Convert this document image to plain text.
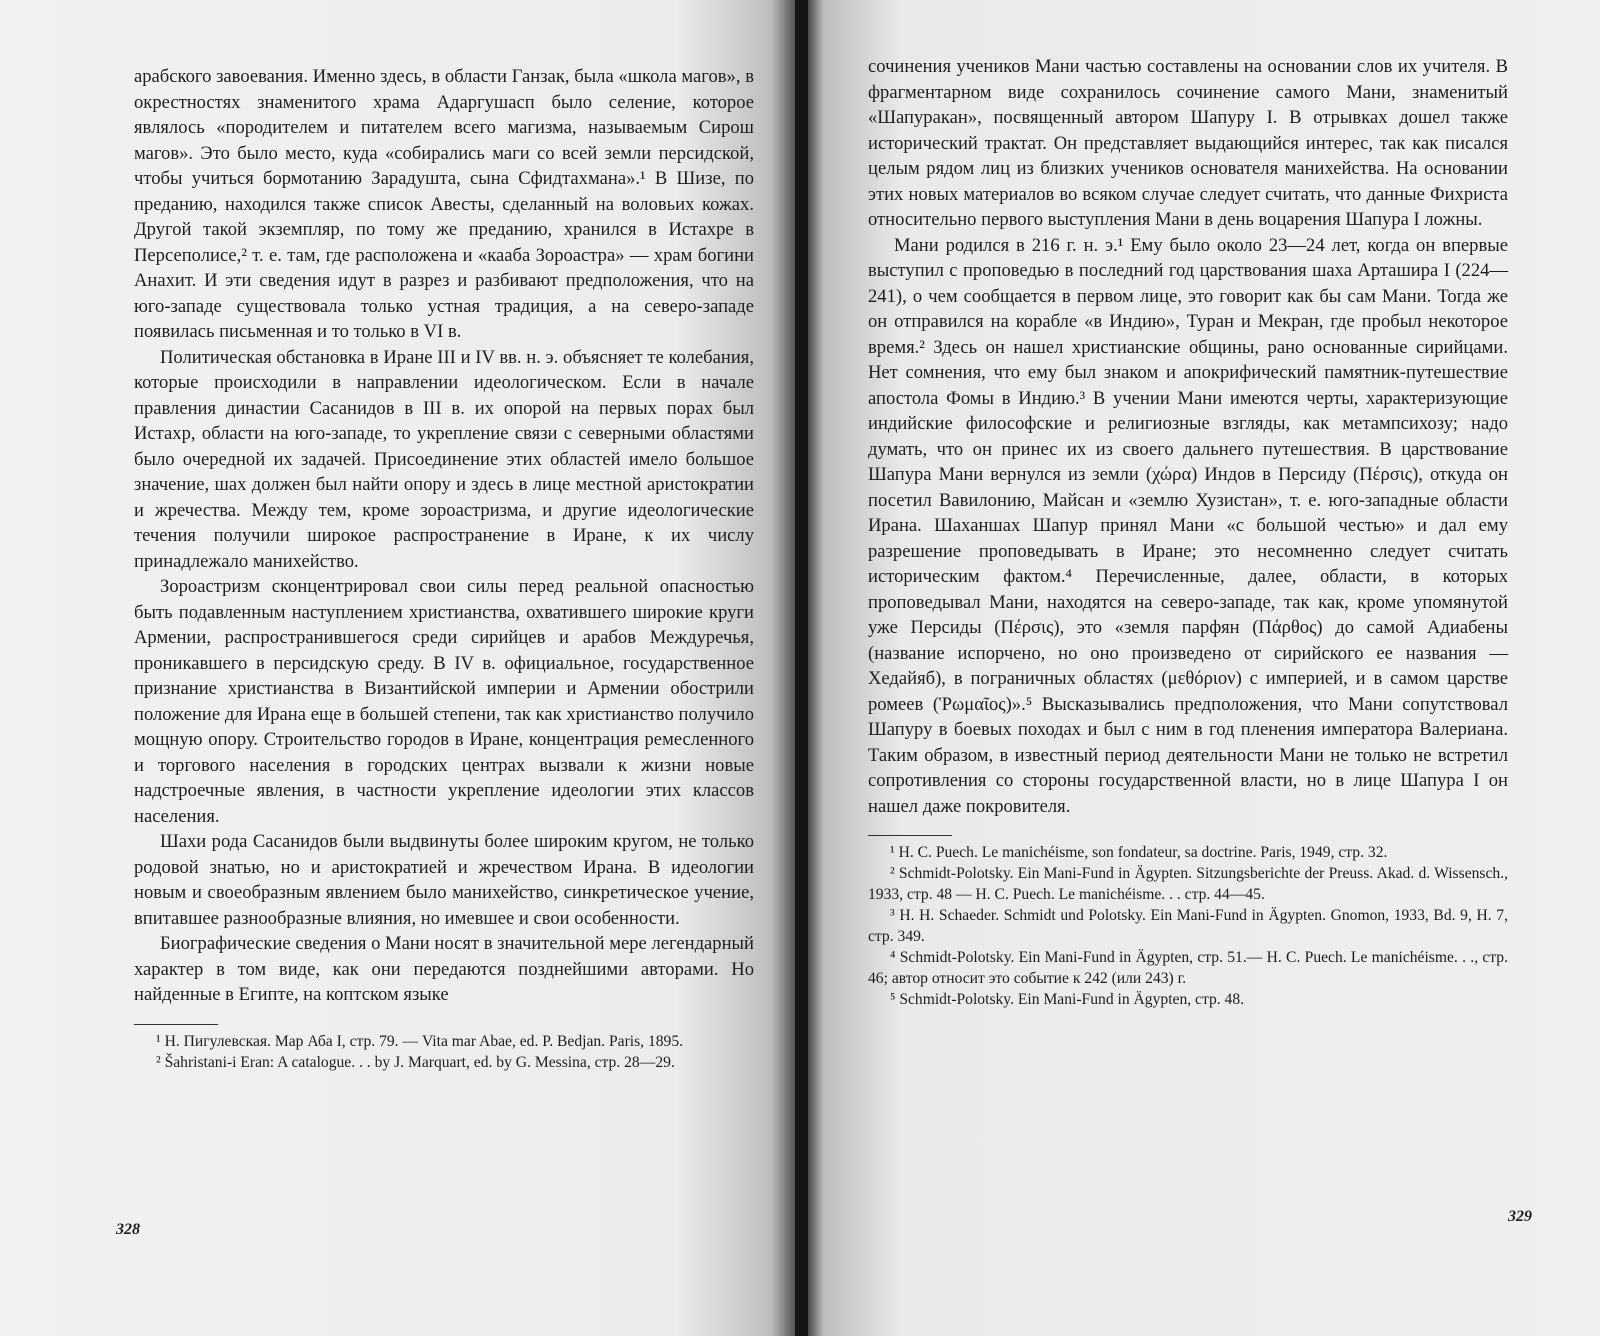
арабского завоевания. Именно здесь, в области Ганзак, была «школа магов», в окрестностях знаменитого храма Адаргушасп было селение, которое являлось «породителем и питателем всего магизма, называемым Сирош магов». Это было место, куда «собирались маги со всей земли персидской, чтобы учиться бормотанию Зарадушта, сына Сфидтахмана».¹ В Шизе, по преданию, находился также список Авесты, сделанный на воловьих кожах. Другой такой экземпляр, по тому же преданию, хранился в Истахре в Персеполисе,² т. е. там, где расположена и «кааба Зороастра» — храм богини Анахит. И эти сведения идут в разрез и разбивают предположения, что на юго-западе существовала только устная традиция, а на северо-западе появилась письменная и то только в VI в.

Политическая обстановка в Иране III и IV вв. н. э. объясняет те колебания, которые происходили в направлении идеологическом. Если в начале правления династии Сасанидов в III в. их опорой на первых порах был Истахр, области на юго-западе, то укрепление связи с северными областями было очередной их задачей. Присоединение этих областей имело большое значение, шах должен был найти опору и здесь в лице местной аристократии и жречества. Между тем, кроме зороастризма, и другие идеологические течения получили широкое распространение в Иране, к их числу принадлежало манихейство.

Зороастризм сконцентрировал свои силы перед реальной опасностью быть подавленным наступлением христианства, охватившего широкие круги Армении, распространившегося среди сирийцев и арабов Междуречья, проникавшего в персидскую среду. В IV в. официальное, государственное признание христианства в Византийской империи и Армении обострили положение для Ирана еще в большей степени, так как христианство получило мощную опору. Строительство городов в Иране, концентрация ремесленного и торгового населения в городских центрах вызвали к жизни новые надстроечные явления, в частности укрепление идеологии этих классов населения.

Шахи рода Сасанидов были выдвинуты более широким кругом, не только родовой знатью, но и аристократией и жречеством Ирана. В идеологии новым и своеобразным явлением было манихейство, синкретическое учение, впитавшее разнообразные влияния, но имевшее и свои особенности.

Биографические сведения о Мани носят в значительной мере легендарный характер в том виде, как они передаются позднейшими авторами. Но найденные в Египте, на коптском языке

¹ Н. Пигулевская. Мар Аба I, стр. 79. — Vita mar Abae, ed. P. Bedjan. Paris, 1895.

² Šahristani-i Eran: A catalogue. . . by J. Marquart, ed. by G. Messina, стр. 28—29.

328

сочинения учеников Мани частью составлены на основании слов их учителя. В фрагментарном виде сохранилось сочинение самого Мани, знаменитый «Шапуракан», посвященный автором Шапуру I. В отрывках дошел также исторический трактат. Он представляет выдающийся интерес, так как писался целым рядом лиц из близких учеников основателя манихейства. На основании этих новых материалов во всяком случае следует считать, что данные Фихриста относительно первого выступления Мани в день воцарения Шапура I ложны.

Мани родился в 216 г. н. э.¹ Ему было около 23—24 лет, когда он впервые выступил с проповедью в последний год царствования шаха Арташира I (224—241), о чем сообщается в первом лице, это говорит как бы сам Мани. Тогда же он отправился на корабле «в Индию», Туран и Мекран, где пробыл некоторое время.² Здесь он нашел христианские общины, рано основанные сирийцами. Нет сомнения, что ему был знаком и апокрифический памятник-путешествие апостола Фомы в Индию.³ В учении Мани имеются черты, характеризующие индийские философские и религиозные взгляды, как метампсихозу; надо думать, что он принес их из своего дальнего путешествия. В царствование Шапура Мани вернулся из земли (χώρα) Индов в Персиду (Πέρσις), откуда он посетил Вавилонию, Майсан и «землю Хузистан», т. е. юго-западные области Ирана. Шаханшах Шапур принял Мани «с большой честью» и дал ему разрешение проповедывать в Иране; это несомненно следует считать историческим фактом.⁴ Перечисленные, далее, области, в которых проповедывал Мани, находятся на северо-западе, так как, кроме упомянутой уже Персиды (Πέρσις), это «земля парфян (Πάρθος) до самой Адиабены (название испорчено, но оно произведено от сирийского ее названия — Хедайяб), в пограничных областях (μεθόριον) с империей, и в самом царстве ромеев (Ῥωμαῖος)».⁵ Высказывались предположения, что Мани сопутствовал Шапуру в боевых походах и был с ним в год пленения императора Валериана. Таким образом, в известный период деятельности Мани не только не встретил сопротивления со стороны государственной власти, но в лице Шапура I он нашел даже покровителя.

¹ H. C. Puech. Le manichéisme, son fondateur, sa doctrine. Paris, 1949, стр. 32.

² Schmidt-Polotsky. Ein Mani-Fund in Ägypten. Sitzungsberichte der Preuss. Akad. d. Wissensch., 1933, стр. 48 — H. C. Puech. Le manichéisme. . . стр. 44—45.

³ H. H. Schaeder. Schmidt und Polotsky. Ein Mani-Fund in Ägypten. Gnomon, 1933, Bd. 9, H. 7, стр. 349.

⁴ Schmidt-Polotsky. Ein Mani-Fund in Ägypten, стр. 51.— H. C. Puech. Le manichéisme. . ., стр. 46; автор относит это событие к 242 (или 243) г.

⁵ Schmidt-Polotsky. Ein Mani-Fund in Ägypten, стр. 48.

329
